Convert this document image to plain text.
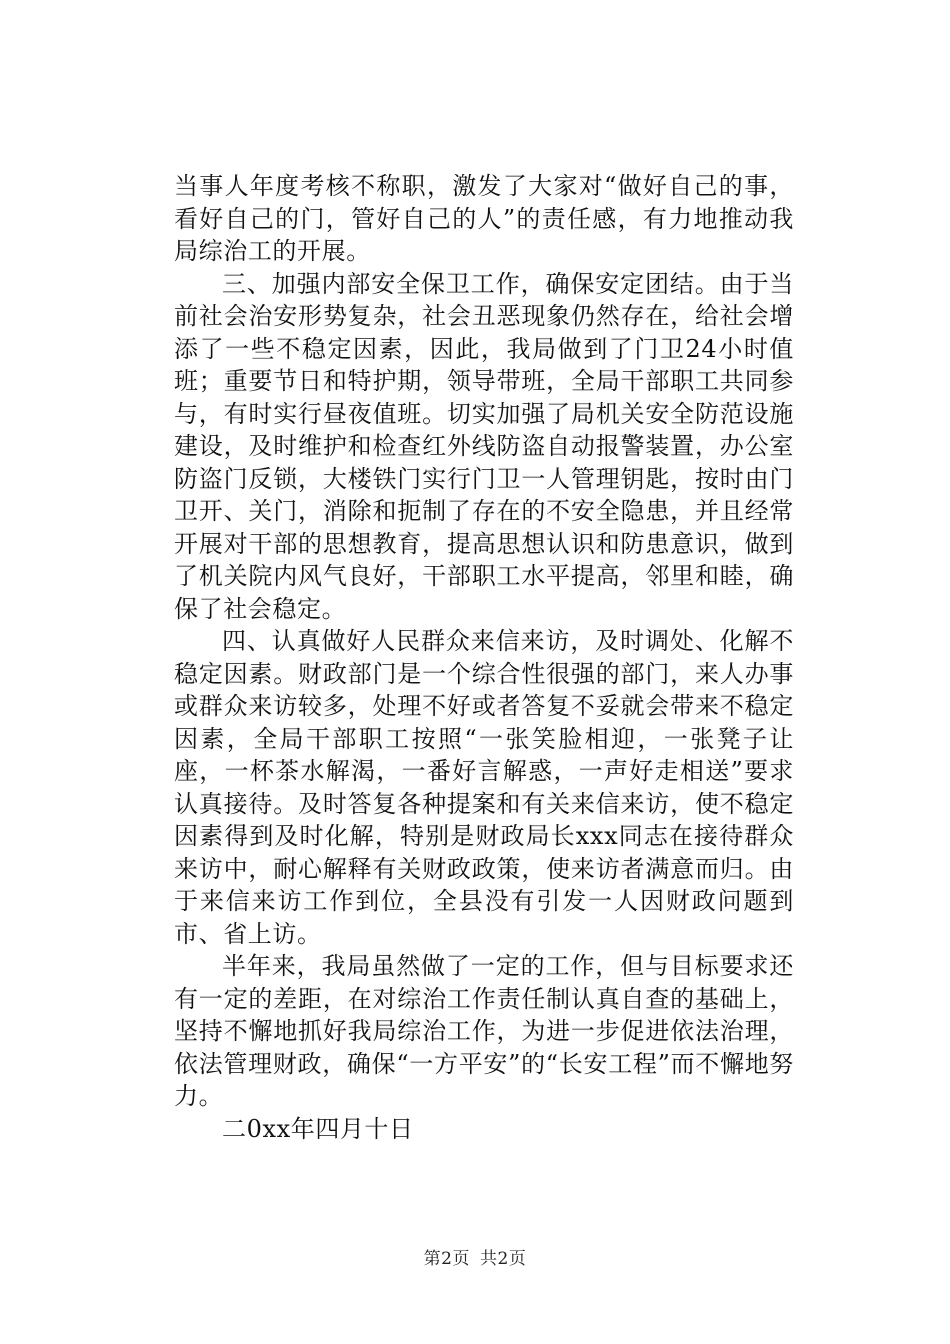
当事人年度考核不称职，激发了大家对“做好自己的事，看好自己的门，管好自己的人”的责任感，有力地推动我局综治工的开展。

三、加强内部安全保卫工作，确保安定团结。由于当前社会治安形势复杂，社会丑恶现象仍然存在，给社会增添了一些不稳定因素，因此，我局做到了门卫24小时值班；重要节日和特护期，领导带班，全局干部职工共同参与，有时实行昼夜值班。切实加强了局机关安全防范设施建设，及时维护和检查红外线防盗自动报警装置，办公室防盗门反锁，大楼铁门实行门卫一人管理钥匙，按时由门卫开、关门，消除和扼制了存在的不安全隐患，并且经常开展对干部的思想教育，提高思想认识和防患意识，做到了机关院内风气良好，干部职工水平提高，邻里和睦，确保了社会稳定。

四、认真做好人民群众来信来访，及时调处、化解不稳定因素。财政部门是一个综合性很强的部门，来人办事或群众来访较多，处理不好或者答复不妥就会带来不稳定因素，全局干部职工按照“一张笑脸相迎，一张凳子让座，一杯茶水解渴，一番好言解惑，一声好走相送”要求认真接待。及时答复各种提案和有关来信来访，使不稳定因素得到及时化解，特别是财政局长xxx同志在接待群众来访中，耐心解释有关财政政策，使来访者满意而归。由于来信来访工作到位，全县没有引发一人因财政问题到市、省上访。

半年来，我局虽然做了一定的工作，但与目标要求还有一定的差距，在对综治工作责任制认真自查的基础上，坚持不懈地抓好我局综治工作，为进一步促进依法治理，依法管理财政，确保“一方平安”的“长安工程”而不懈地努力。

二0xx年四月十日

第2页 共2页
